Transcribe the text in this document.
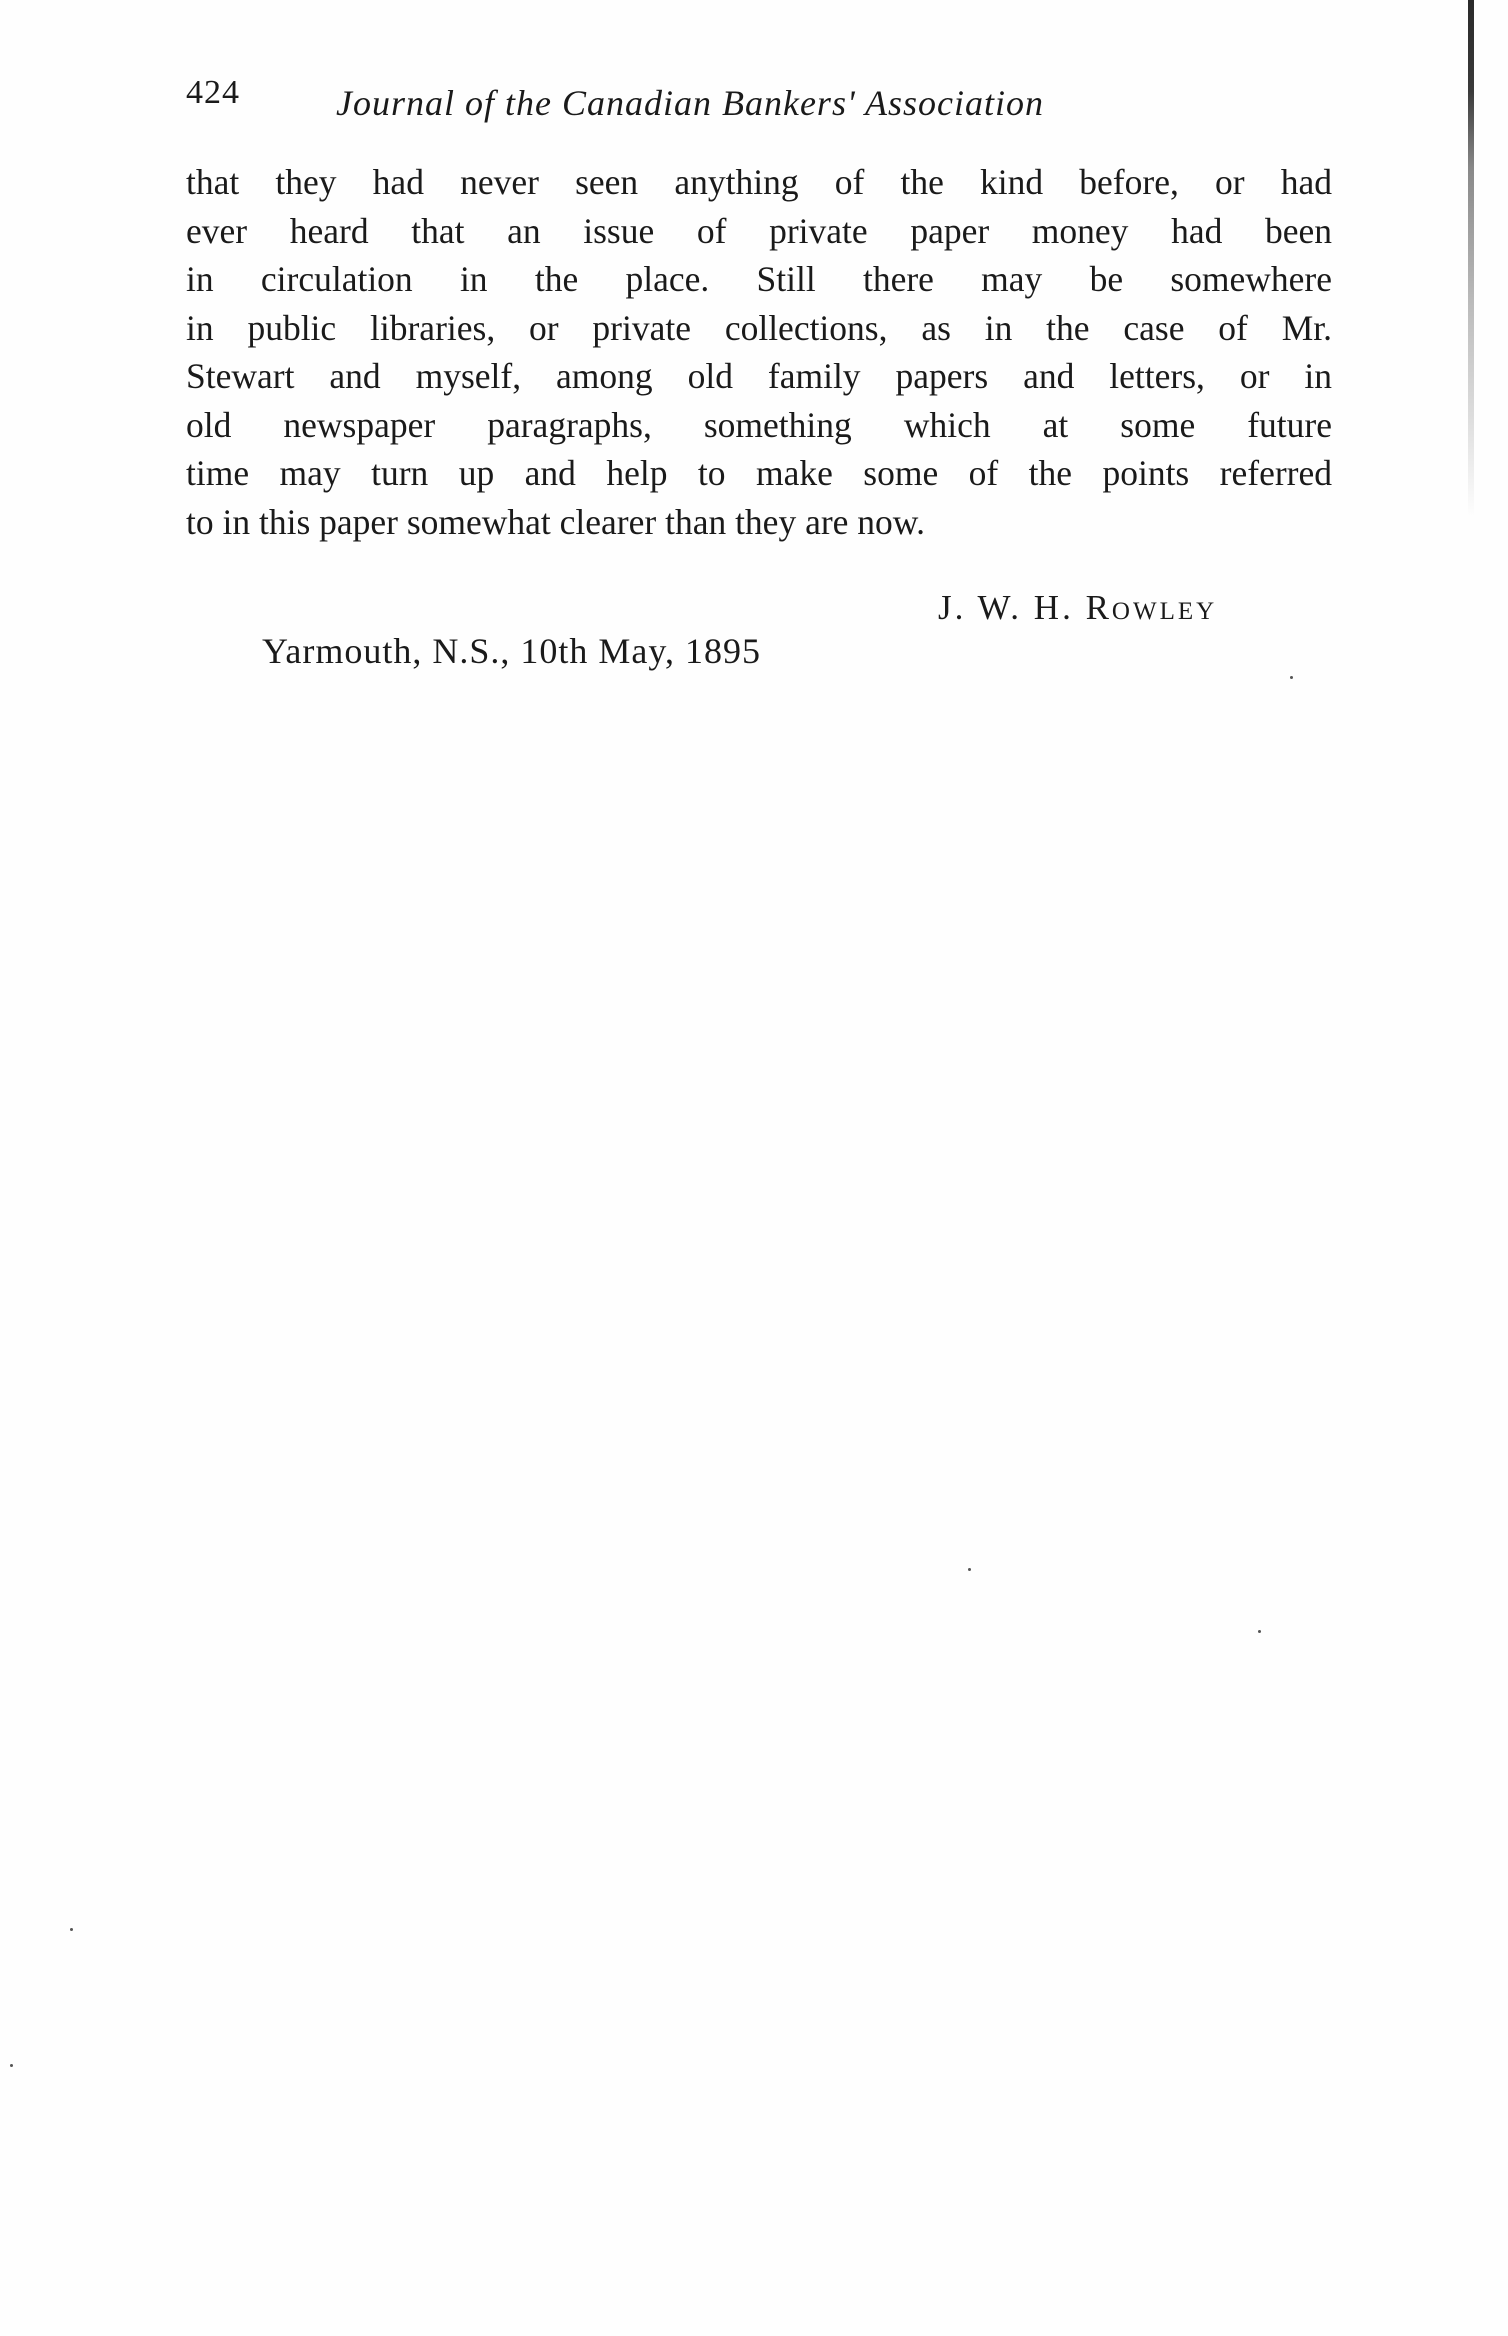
424	Journal of the Canadian Bankers' Association

that they had never seen anything of the kind before, or had
ever heard that an issue of private paper money had been
in circulation in the place. Still there may be somewhere
in public libraries, or private collections, as in the case of Mr.
Stewart and myself, among old family papers and letters, or in
old newspaper paragraphs, something which at some future
time may turn up and help to make some of the points referred
to in this paper somewhat clearer than they are now.

J. W. H. Rowley
Yarmouth, N.S., 10th May, 1895
